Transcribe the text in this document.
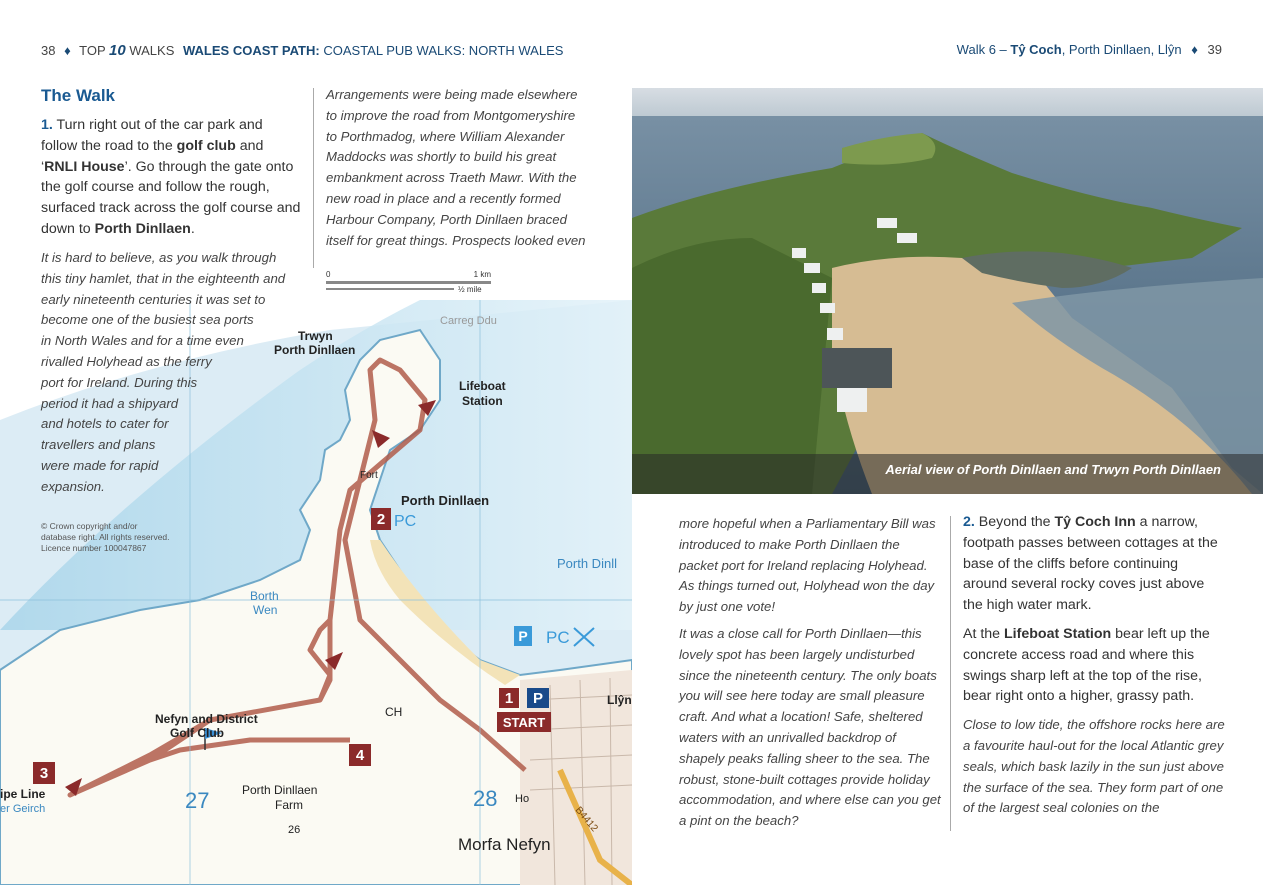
38 ♦ TOP 10 WALKS WALES COAST PATH: COASTAL PUB WALKS: NORTH WALES	Walk 6 – Tŷ Coch, Porth Dinllaen, Llŷn ♦ 39
1 P
START
2
3
4
P PC
Carreg Ddu
Trwyn
Porth Dinllaen
Lifeboat
Station
Fort
Porth Dinllaen
PC
Porth Dinll
Borth
Wen
Llŷn
Nefyn and District
Golf Club
CH
Porth Dinllaen
Farm
26
27	28 Ho
Morfa Nefyn
ipe Line
er Geirch	B4412
The Walk

1. Turn right out of the car park and follow the road to the golf club and ‘RNLI House’. Go through the gate onto the golf course and follow the rough, surfaced track across the golf course and down to Porth Dinllaen.

It is hard to believe, as you walk through
this tiny hamlet, that in the eighteenth and
early nineteenth centuries it was set to
become one of the busiest sea ports
in North Wales and for a time even
rivalled Holyhead as the ferry
port for Ireland. During this
period it had a shipyard
and hotels to cater for
travellers and plans
were made for rapid
expansion.
© Crown copyright and/or
database right. All rights reserved.
Licence number 100047867

Arrangements were being made elsewhere to improve the road from Montgomeryshire to Porthmadog, where William Alexander Maddocks was shortly to build his great embankment across Traeth Mawr. With the new road in place and a recently formed Harbour Company, Porth Dinllaen braced itself for great things. Prospects looked even

0	1 km
½ mile
Aerial view of Porth Dinllaen and Trwyn Porth Dinllaen

more hopeful when a Parliamentary Bill was introduced to make Porth Dinllaen the packet port for Ireland replacing Holyhead. As things turned out, Holyhead won the day by just one vote!

It was a close call for Porth Dinllaen—this lovely spot has been largely undisturbed since the nineteenth century. The only boats you will see here today are small pleasure craft. And what a location! Safe, sheltered waters with an unrivalled backdrop of shapely peaks falling sheer to the sea. The robust, stone-built cottages provide holiday accommodation, and where else can you get a pint on the beach?

2. Beyond the Tŷ Coch Inn a narrow, footpath passes between cottages at the base of the cliffs before continuing around several rocky coves just above the high water mark.

At the Lifeboat Station bear left up the concrete access road and where this swings sharp left at the top of the rise, bear right onto a higher, grassy path.

Close to low tide, the offshore rocks here are a favourite haul-out for the local Atlantic grey seals, which bask lazily in the sun just above the surface of the sea. They form part of one of the largest seal colonies on the
